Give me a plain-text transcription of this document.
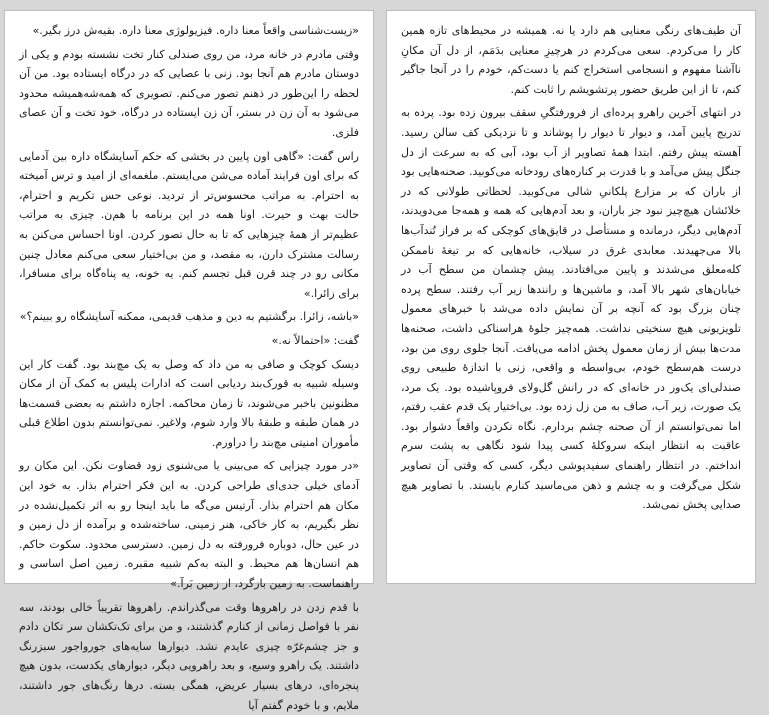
«زیست‌شناسی واقعاً معنا داره. فیزیولوژی معنا داره. بقیه‌ش درز بگیر.»

وقتی مادرم در خانه مرد، من روی صندلی کنار تخت نشسته بودم و یکی از دوستان مادرم هم آنجا بود. زنی با عصایی که در درگاه ایستاده بود. من آن لحظه را این‌طور در ذهنم تصور می‌کنم. تصویری که همه‌شه‌همیشه محدود می‌شود به آن زن در بستر، آن زن ایستاده در درگاه، خود تخت و آن عصای فلزی.

راس گفت: «گاهی اون پایین در بخشی که حکم آسایشگاه داره بین آدمایی که برای اون فرایند آماده می‌شن می‌ایستم. ملغمه‌ای از امید و ترس آمیخته به احترام. به مراتب محسوس‌تر از تردید. نوعی حس تکریم و احترام، حالت بهت و حیرت. اونا همه در این برنامه با هم‌ن. چیزی به مراتب عظیم‌تر از همهٔ چیزهایی که تا به حال تصور کردن. اونا احساس می‌کنن به رسالت مشترک دارن، به مقصد، و من بی‌اختیار سعی می‌کنم معادل چنین مکانی رو در چند قرن قبل تجسم کنم. یه خونه، یه پناه‌گاه برای مسافرا، برای زائرا.»

«باشه، زائرا. برگشتیم به دین و مذهب قدیمی، ممکنه آسایشگاه رو ببینم؟»

گفت: «احتمالاً نه.»

دیسک کوچک و صافی به من داد که وصل به یک مچ‌بند بود. گفت کار این وسیله شبیه به قورک‌بند ردیابی است که ادارات پلیس به کمک آن از مکان مظنونین باخبر می‌شوند، تا زمان محاکمه. اجازه داشتم به بعضی قسمت‌ها در همان طبقه و طبقهٔ بالا وارد شوم، ولاغیر. نمی‌توانستم بدون اطلاع قبلی مأموران امنیتی مچ‌بند را دراورم.

«در مورد چیزایی که می‌بینی یا می‌شنوی زود قضاوت نکن. این مکان رو آدمای خیلی جدی‌ای طراحی کردن. به این فکر احترام بذار. به خود این مکان هم احترام بذار. آرتیس می‌گه ما باید اینجا رو به اثر تکمیل‌نشده در نظر بگیریم، به کار خاکی، هنر زمینی. ساخته‌شده و برآمده از دل زمین و در عین حال، دوباره فرورفته به دل زمین. دسترسی محدود. سکوت حاکم. هم انسان‌ها هم محیط. و البته به‌کم شبیه مقبره. زمین اصل اساسی و راهنماست. به زمین بازگرد، از زمین بَرآ.»

با قدم زدن در راهروها وقت می‌گذراندم. راهروها تقریباً خالی بودند، سه نفر با فواصل زمانی از کنارم گذشتند، و من برای تک‌تکشان سر تکان دادم و جز چشم‌غرّه چیزی عایدم نشد. دیوارها سایه‌های جورواجور سبزرنگ داشتند. یک راهرو وسیع، و بعد راهرویی دیگر، دیوارهای یکدست، بدون هیچ پنجره‌ای، درهای بسیار عریض، همگی بسته. درها رنگ‌های جور داشتند، ملایم، و با خودم گفتم آیا

آن طیف‌های رنگی معنایی هم دارد یا نه. همیشه در محیط‌های تازه همین کار را می‌کردم. سعی می‌کردم در هرچیزِ معنایی بدَمَم، از دل آن مکانِ ناآشنا مفهوم و انسجامی استخراج کنم یا دست‌کم، خودم را در آنجا جاگیر کنم، تا از این طریق حضور پرتشویشم را ثابت کنم.

در انتهای آخرین راهرو پرده‌ای از فرورفتگیِ سقف بیرون زده بود. پرده به تدریج پایین آمد، و دیوار تا دیوار را پوشاند و تا نزدیکی کف سالن رسید. آهسته پیش رفتم. ابتدا همهٔ تصاویر از آب بود، آبی که به سرعت از دل جنگل پیش می‌آمد و با قدرت بر کناره‌های رودخانه می‌کوبید. صحنه‌هایی بود از باران که بر مزارع پلکانیِ شالی می‌کوبید. لحظاتی طولانی که در خلائشان هیچ‌چیز نبود جز باران، و بعد آدم‌هایی که همه و همه‌جا می‌دویدند، آدم‌هایی دیگر، درمانده و مستأصل در قایق‌های کوچکی که بر فراز تُندآب‌ها بالا می‌جهیدند. معابدی غرق در سیلاب، خانه‌هایی که بر تیغهٔ ناممکن کله‌معلق می‌شدند و پایین می‌افتادند. پیش چشمان من سطح آب در خیابان‌های شهر بالا آمد، و ماشین‌ها و رانندها زیر آب رفتند. سطح پرده چنان بزرگ بود که آنچه بر آن نمایش داده می‌شد با خبرهای معمول تلویزیونی هیچ سنخیتی نداشت. همه‌چیز جلوهٔ هراسناکی داشت، صحنه‌ها مدت‌ها بیش از زمان معمول پخش ادامه می‌یافت. آنجا جلوی روی من بود، درست هم‌سطح خودم، بی‌واسطه و واقعی، زنی با اندازهٔ طبیعی روی صندلی‌ای یک‌ور در خانه‌ای که در رانش گل‌ولای فروپاشیده بود. یک مرد، یک صورت، زیر آب، صاف به من زل زده بود. بی‌اختیار یک قدم عقب رفتم، اما نمی‌توانستم از آن صحنه چشم بردارم. نگاه نکردن واقعاً دشوار بود. عاقبت به انتظار اینکه سروکلهٔ کسی پیدا شود نگاهی به پشت سرم انداختم. در انتظار راهنمای سفیدپوشی دیگر، کسی که وقتی آن تصاویر شکل می‌گرفت و به چشم و ذهن می‌ماسید کنارم بایستد. با تصاویر هیچ صدایی پخش نمی‌شد.
